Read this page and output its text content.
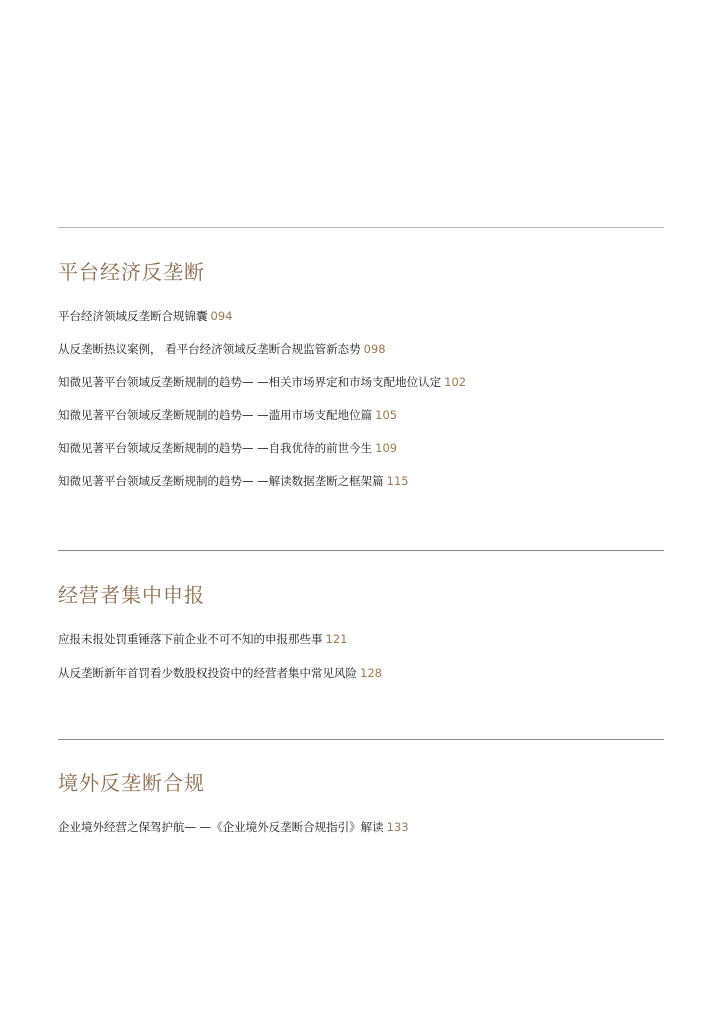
平台经济反垄断
平台经济领域反垄断合规锦囊 094
从反垄断热议案例， 看平台经济领域反垄断合规监管新态势 098
知微见著平台领域反垄断规制的趋势— —相关市场界定和市场支配地位认定 102
知微见著平台领域反垄断规制的趋势— —滥用市场支配地位篇 105
知微见著平台领域反垄断规制的趋势— —自我优待的前世今生 109
知微见著平台领域反垄断规制的趋势— —解读数据垄断之框架篇 115
经营者集中申报
应报未报处罚重锤落下前企业不可不知的申报那些事 121
从反垄断新年首罚看少数股权投资中的经营者集中常见风险 128
境外反垄断合规
企业境外经营之保驾护航— —《企业境外反垄断合规指引》解读 133
